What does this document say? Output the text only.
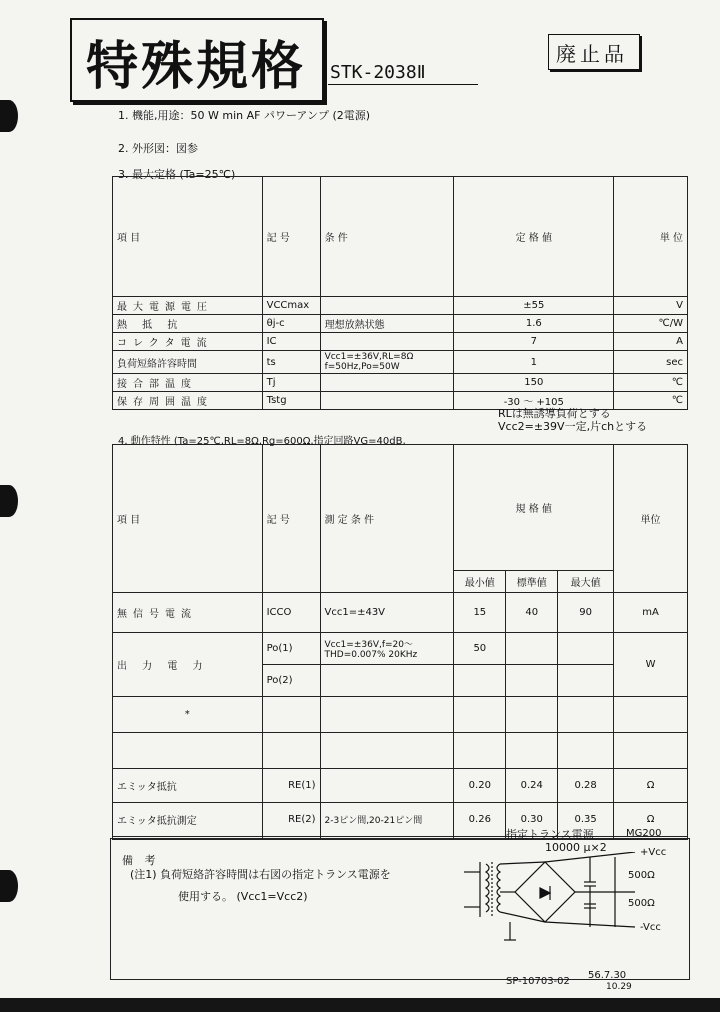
特殊規格 STK-2038Ⅱ
廃止品
1. 機能,用途：50 W min AF パワーアンプ (2電源)
2. 外形図：図参
3. 最大定格 (Ta=25℃)
項 目	記 号	条 件	定 格 値	単 位
最大電源電圧	VCCmax		±55	V
熱 抵 抗	θj-c	理想放熱状態	1.6	℃/W
コレクタ電流	IC		7	A
負荷短絡許容時間	ts	Vcc1=±36V,RL=8Ω f=50Hz,Po=50W	1	sec
接合部温度	Tj		150	℃
保存周囲温度	Tstg		-30 ～ +105	℃
RLは無誘導負荷とする
Vcc2=±39V一定,片chとする
4. 動作特性 (Ta=25℃,RL=8Ω,Rg=600Ω,指定回路VG=40dB,
項 目	記 号	測 定 条 件	規 格 値			単位
			最小値	標準値	最大値	
無信号電流	ICCO	Vcc1=±43V	15	40	90	mA
出 力 電 力	Po(1)	Vcc1=±36V,f=20～ THD=0.007% 20KHz	50			W
	Po(2)					
*						

エミッタ抵抗	RE(1)		0.20	0.24	0.28	Ω
エミッタ抵抗測定	RE(2)	2-3ピン間,20-21ピン間	0.26	0.30	0.35	Ω

備 考
(注1) 負荷短絡許容時間は右図の指定トランス電源を
使用する。 (Vcc1=Vcc2)
指定トランス電源	MG200
10000 μ×2	+Vcc
500Ω
500Ω
-Vcc
SP-10703-02
56.7.30
10.29
